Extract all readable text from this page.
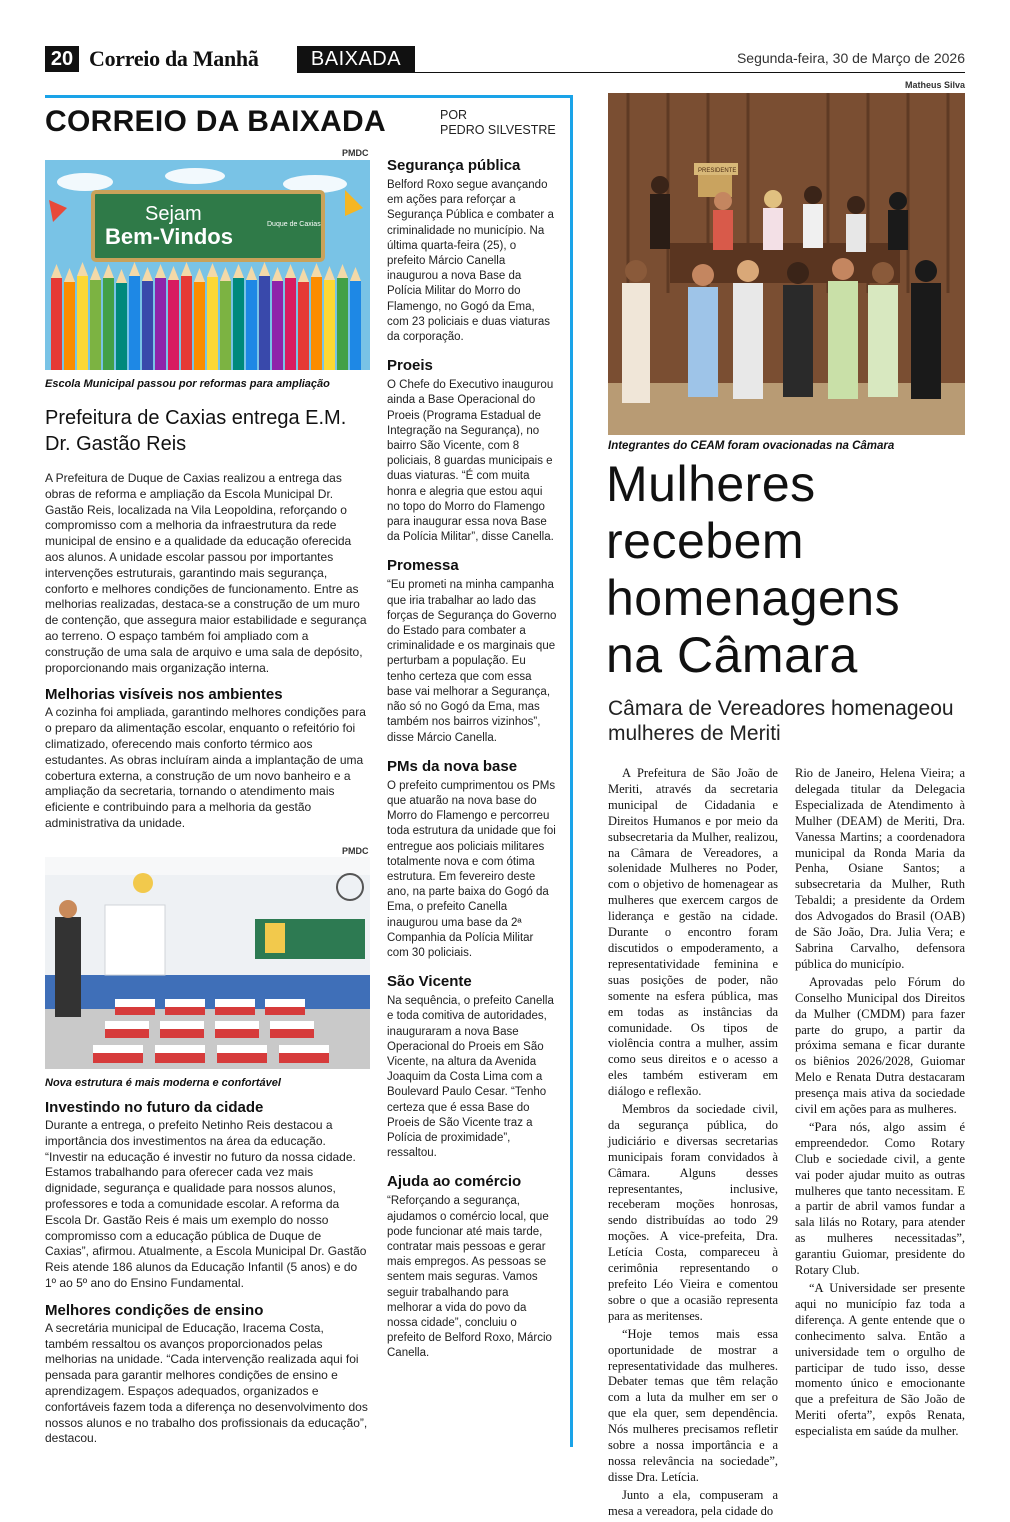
20 Correio da Manhã	BAIXADA	Segunda-feira, 30 de Março de 2026
CORREIO DA BAIXADA	POR
PEDRO SILVESTRE
PMDC
Sejam
Bem-Vindos	Duque de Caxias
Escola Municipal passou por reformas para ampliação
Prefeitura de Caxias entrega E.M. Dr. Gastão Reis

A Prefeitura de Duque de Caxias realizou a entrega das obras de reforma e ampliação da Escola Municipal Dr. Gastão Reis, localizada na Vila Leopoldina, reforçando o compromisso com a melhoria da infraestrutura da rede municipal de ensino e a qualidade da educação oferecida aos alunos. A unidade escolar passou por importantes intervenções estruturais, garantindo mais segurança, conforto e melhores condições de funcionamento. Entre as melhorias realizadas, destaca-se a construção de um muro de contenção, que assegura maior estabilidade e segurança ao terreno. O espaço também foi ampliado com a construção de uma sala de arquivo e uma sala de depósito, proporcionando mais organização interna.

Melhorias visíveis nos ambientes

A cozinha foi ampliada, garantindo melhores condições para o preparo da alimentação escolar, enquanto o refeitório foi climatizado, oferecendo mais conforto térmico aos estudantes. As obras incluíram ainda a implantação de uma cobertura externa, a construção de um novo banheiro e a ampliação da secretaria, tornando o atendimento mais eficiente e contribuindo para a melhoria da gestão administrativa da unidade.

PMDC
Nova estrutura é mais moderna e confortável
Investindo no futuro da cidade

Durante a entrega, o prefeito Netinho Reis destacou a importância dos investimentos na área da educação. “Investir na educação é investir no futuro da nossa cidade. Estamos trabalhando para oferecer cada vez mais dignidade, segurança e qualidade para nossos alunos, professores e toda a comunidade escolar. A reforma da Escola Dr. Gastão Reis é mais um exemplo do nosso compromisso com a educação pública de Duque de Caxias”, afirmou. Atualmente, a Escola Municipal Dr. Gastão Reis atende 186 alunos da Educação Infantil (5 anos) e do 1º ao 5º ano do Ensino Fundamental.

Melhores condições de ensino

A secretária municipal de Educação, Iracema Costa, também ressaltou os avanços proporcionados pelas melhorias na unidade. “Cada intervenção realizada aqui foi pensada para garantir melhores condições de ensino e aprendizagem. Espaços adequados, organizados e confortáveis fazem toda a diferença no desenvolvimento dos nossos alunos e no trabalho dos profissionais da educação”, destacou.

Segurança pública

Belford Roxo segue avançando em ações para reforçar a Segurança Pública e combater a criminalidade no município. Na última quarta-feira (25), o prefeito Márcio Canella inaugurou a nova Base da Polícia Militar do Morro do Flamengo, no Gogó da Ema, com 23 policiais e duas viaturas da corporação.

Proeis

O Chefe do Executivo inaugurou ainda a Base Operacional do Proeis (Programa Estadual de Integração na Segurança), no bairro São Vicente, com 8 policiais, 8 guardas municipais e duas viaturas. “É com muita honra e alegria que estou aqui no topo do Morro do Flamengo para inaugurar essa nova Base da Polícia Militar”, disse Canella.

Promessa

“Eu prometi na minha campanha que iria trabalhar ao lado das forças de Segurança do Governo do Estado para combater a criminalidade e os marginais que perturbam a população. Eu tenho certeza que com essa base vai melhorar a Segurança, não só no Gogó da Ema, mas também nos bairros vizinhos”, disse Márcio Canella.

PMs da nova base

O prefeito cumprimentou os PMs que atuarão na nova base do Morro do Flamengo e percorreu toda estrutura da unidade que foi entregue aos policiais militares totalmente nova e com ótima estrutura. Em fevereiro deste ano, na parte baixa do Gogó da Ema, o prefeito Canella inaugurou uma base da 2ª Companhia da Polícia Militar com 30 policiais.

São Vicente

Na sequência, o prefeito Canella e toda comitiva de autoridades, inauguraram a nova Base Operacional do Proeis em São Vicente, na altura da Avenida Joaquim da Costa Lima com a Boulevard Paulo Cesar. “Tenho certeza que é essa Base do Proeis de São Vicente traz a Polícia de proximidade”, ressaltou.

Ajuda ao comércio

“Reforçando a segurança, ajudamos o comércio local, que pode funcionar até mais tarde, contratar mais pessoas e gerar mais empregos. As pessoas se sentem mais seguras. Vamos seguir trabalhando para melhorar a vida do povo da nossa cidade”, concluiu o prefeito de Belford Roxo, Márcio Canella.

Matheus Silva
PRESIDENTE
Integrantes do CEAM foram ovacionadas na Câmara
Mulheres recebem homenagens na Câmara
Câmara de Vereadores homenageou mulheres de Meriti

A Prefeitura de São João de Meriti, através da secretaria municipal de Cidadania e Direitos Humanos e por meio da subsecretaria da Mulher, realizou, na Câmara de Vereadores, a solenidade Mulheres no Poder, com o objetivo de homenagear as mulheres que exercem cargos de liderança e gestão na cidade. Durante o encontro foram discutidos o empoderamento, a representatividade feminina e suas posições de poder, não somente na esfera pública, mas em todas as instâncias da comunidade. Os tipos de violência contra a mulher, assim como seus direitos e o acesso a eles também estiveram em diálogo e reflexão.

Membros da sociedade civil, da segurança pública, do judiciário e diversas secretarias municipais foram convidados à Câmara. Alguns desses representantes, inclusive, receberam moções honrosas, sendo distribuídas ao todo 29 moções. A vice-prefeita, Dra. Letícia Costa, compareceu à cerimônia representando o prefeito Léo Vieira e comentou sobre o que a ocasião representa para as meritenses.

“Hoje temos mais essa oportunidade de mostrar a representatividade das mulheres. Debater temas que têm relação com a luta da mulher em ser o que ela quer, sem dependência. Nós mulheres precisamos refletir sobre a nossa importância e a nossa relevância na sociedade”, disse Dra. Letícia.

Junto a ela, compuseram a mesa a vereadora, pela cidade do

Rio de Janeiro, Helena Vieira; a delegada titular da Delegacia Especializada de Atendimento à Mulher (DEAM) de Meriti, Dra. Vanessa Martins; a coordenadora municipal da Ronda Maria da Penha, Osiane Santos; a subsecretaria da Mulher, Ruth Tebaldi; a presidente da Ordem dos Advogados do Brasil (OAB) de São João, Dra. Julia Vera; e Sabrina Carvalho, defensora pública do município.

Aprovadas pelo Fórum do Conselho Municipal dos Direitos da Mulher (CMDM) para fazer parte do grupo, a partir da próxima semana e ficar durante os biênios 2026/2028, Guiomar Melo e Renata Dutra destacaram presença mais ativa da sociedade civil em ações para as mulheres.

“Para nós, algo assim é empreendedor. Como Rotary Club e sociedade civil, a gente vai poder ajudar muito as outras mulheres que tanto necessitam. E a partir de abril vamos fundar a sala lilás no Rotary, para atender as mulheres necessitadas”, garantiu Guiomar, presidente do Rotary Club.

“A Universidade ser presente aqui no município faz toda a diferença. A gente entende que o conhecimento salva. Então a universidade tem o orgulho de participar de tudo isso, desse momento único e emocionante que a prefeitura de São João de Meriti oferta”, expôs Renata, especialista em saúde da mulher.
